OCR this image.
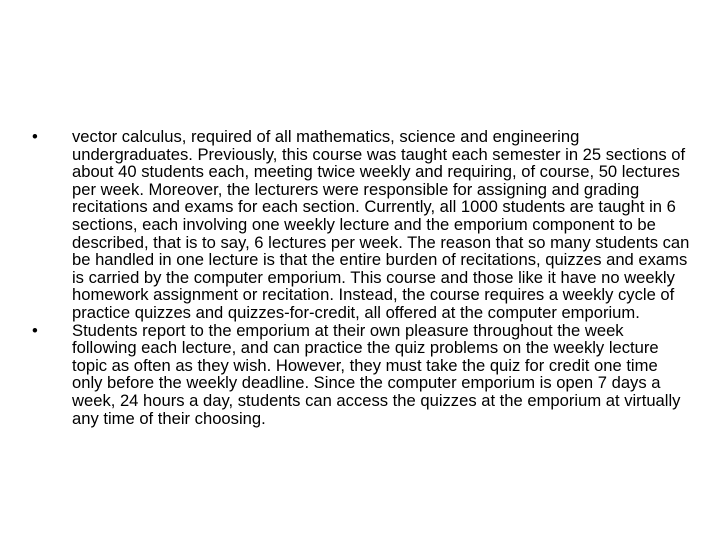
•	vector calculus, required of all mathematics, science and engineering undergraduates. Previously, this course was taught each semester in 25 sections of about 40 students each, meeting twice weekly and requiring, of course, 50 lectures per week. Moreover, the lecturers were responsible for assigning and grading recitations and exams for each section. Currently, all 1000 students are taught in 6 sections, each involving one weekly lecture and the emporium component to be described, that is to say, 6 lectures per week. The reason that so many students can be handled in one lecture is that the entire burden of recitations, quizzes and exams is carried by the computer emporium. This course and those like it have no weekly homework assignment or recitation. Instead, the course requires a weekly cycle of practice quizzes and quizzes-for-credit, all offered at the computer emporium.
•	Students report to the emporium at their own pleasure throughout the week following each lecture, and can practice the quiz problems on the weekly lecture topic as often as they wish. However, they must take the quiz for credit one time only before the weekly deadline. Since the computer emporium is open 7 days a week, 24 hours a day, students can access the quizzes at the emporium at virtually any time of their choosing.
